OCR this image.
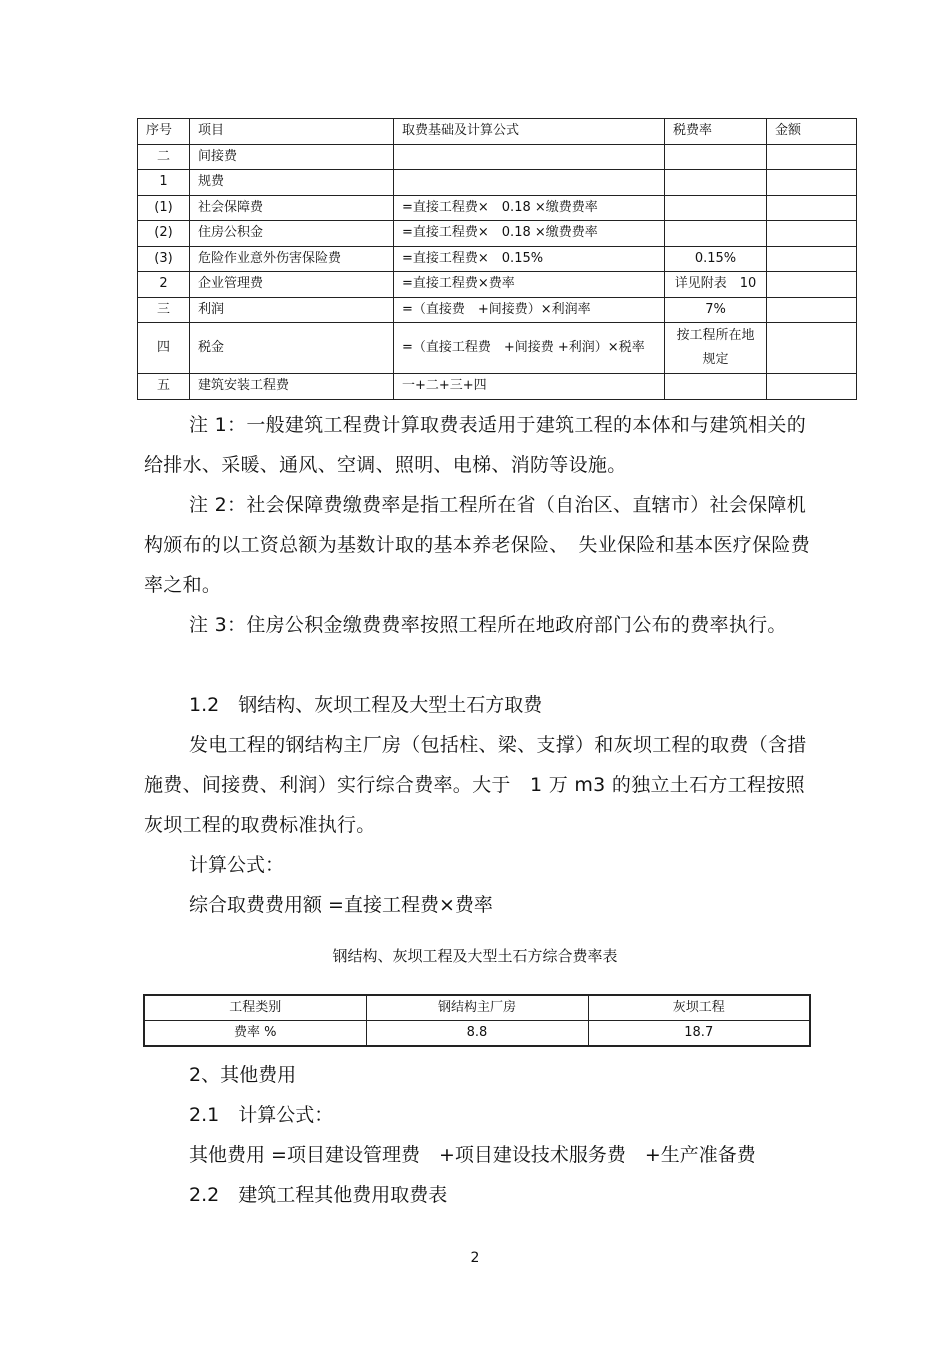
序号	项目	取费基础及计算公式	税费率	金额
二	间接费			
1	规费			
(1)	社会保障费	=直接工程费×　0.18 ×缴费费率		
(2)	住房公积金	=直接工程费×　0.18 ×缴费费率		
(3)	危险作业意外伤害保险费	=直接工程费×　0.15%	0.15%	
2	企业管理费	=直接工程费×费率	详见附表　10	
三	利润	=（直接费　+间接费）×利润率	7%	
四	税金	=（直接工程费　+间接费 +利润）×税率	按工程所在地规定	
五	建筑安装工程费	一+二+三+四		

注 1：一般建筑工程费计算取费表适用于建筑工程的本体和与建筑相关的给排水、采暖、通风、空调、照明、电梯、消防等设施。

注 2：社会保障费缴费率是指工程所在省（自治区、直辖市）社会保障机构颁布的以工资总额为基数计取的基本养老保险、　失业保险和基本医疗保险费率之和。

注 3：住房公积金缴费费率按照工程所在地政府部门公布的费率执行。

1.2　钢结构、灰坝工程及大型土石方取费

发电工程的钢结构主厂房（包括柱、梁、支撑）和灰坝工程的取费（含措施费、间接费、利润）实行综合费率。大于　1 万 m3 的独立土石方工程按照灰坝工程的取费标准执行。

计算公式：

综合取费费用额 =直接工程费×费率

钢结构、灰坝工程及大型土石方综合费率表

工程类别	钢结构主厂房	灰坝工程
费率 %	8.8	18.7

2、其他费用

2.1　计算公式：

其他费用 =项目建设管理费　+项目建设技术服务费　+生产准备费

2.2　建筑工程其他费用取费表

2
